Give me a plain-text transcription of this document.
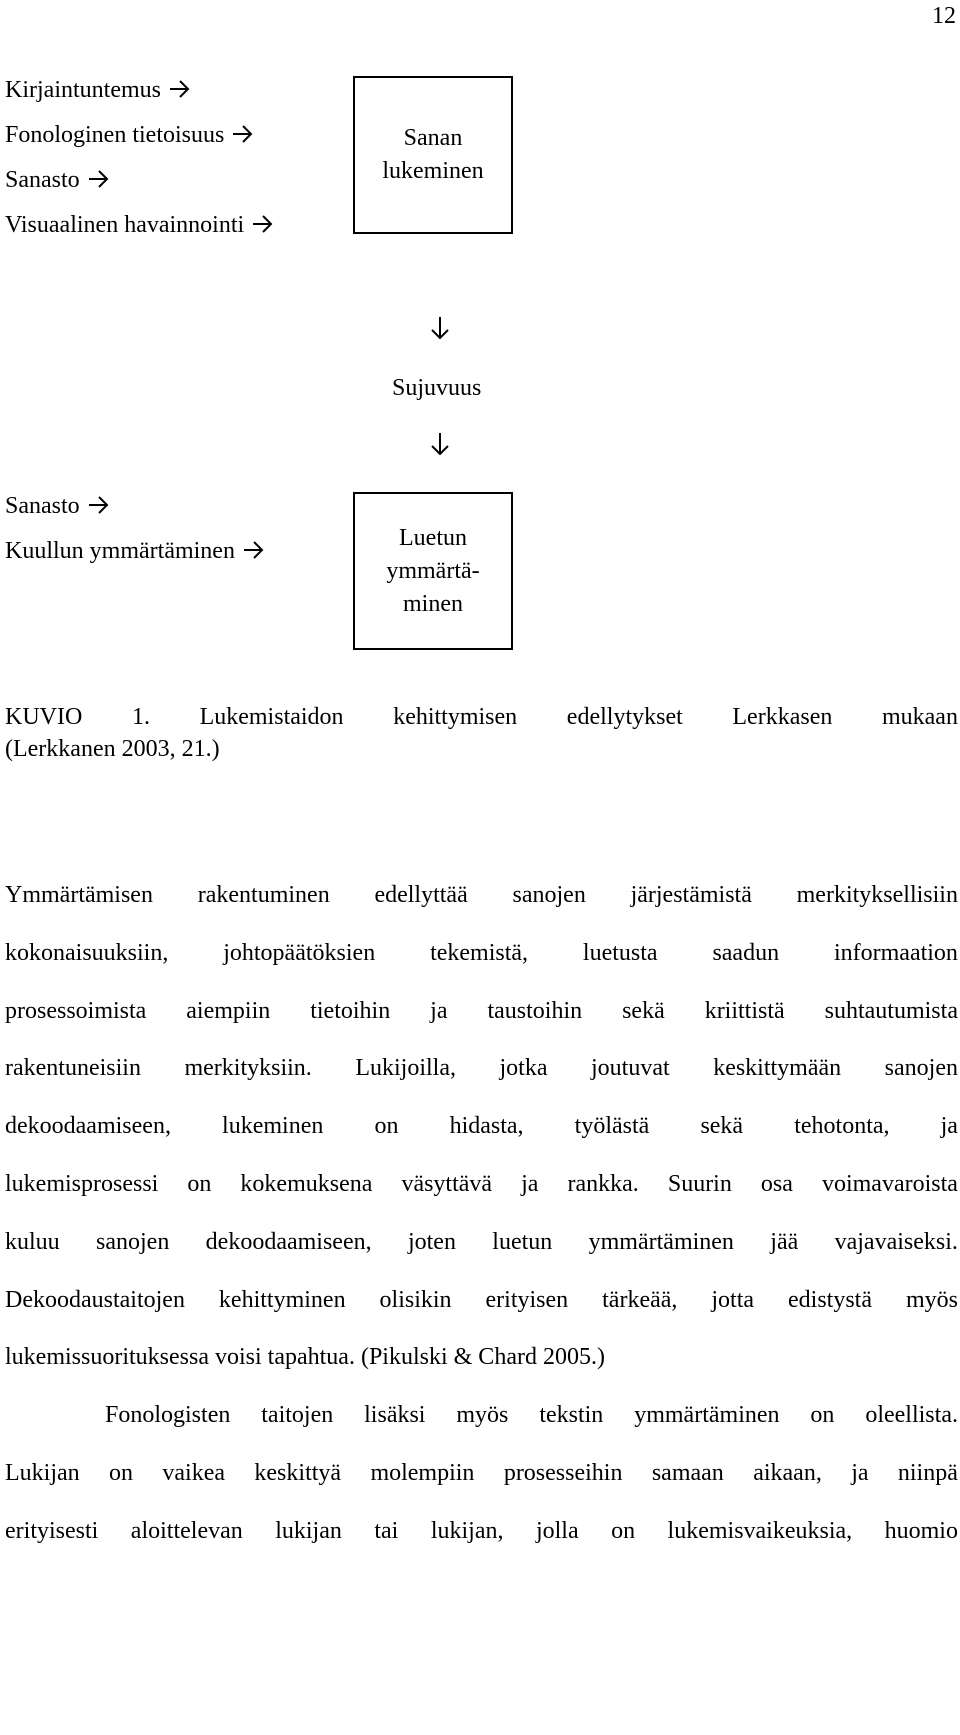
12
Kirjaintuntemus
Fonologinen tietoisuus
Sanasto
Visuaalinen havainnointi
Sanan
lukeminen
Sujuvuus
Sanasto
Kuullun ymmärtäminen
Luetun
ymmärtä-
minen
KUVIO 1. Lukemistaidon kehittymisen edellytykset Lerkkasen mukaan
(Lerkkanen 2003, 21.)
Ymmärtämisen rakentuminen edellyttää sanojen järjestämistä merkityksellisiin
kokonaisuuksiin, johtopäätöksien tekemistä, luetusta saadun informaation
prosessoimista aiempiin tietoihin ja taustoihin sekä kriittistä suhtautumista
rakentuneisiin merkityksiin. Lukijoilla, jotka joutuvat keskittymään sanojen
dekoodaamiseen, lukeminen on hidasta, työlästä sekä tehotonta, ja
lukemisprosessi on kokemuksena väsyttävä ja rankka. Suurin osa voimavaroista
kuluu sanojen dekoodaamiseen, joten luetun ymmärtäminen jää vajavaiseksi.
Dekoodaustaitojen kehittyminen olisikin erityisen tärkeää, jotta edistystä myös
lukemissuorituksessa voisi tapahtua. (Pikulski & Chard 2005.)
Fonologisten taitojen lisäksi myös tekstin ymmärtäminen on oleellista.
Lukijan on vaikea keskittyä molempiin prosesseihin samaan aikaan, ja niinpä
erityisesti aloittelevan lukijan tai lukijan, jolla on lukemisvaikeuksia, huomio
